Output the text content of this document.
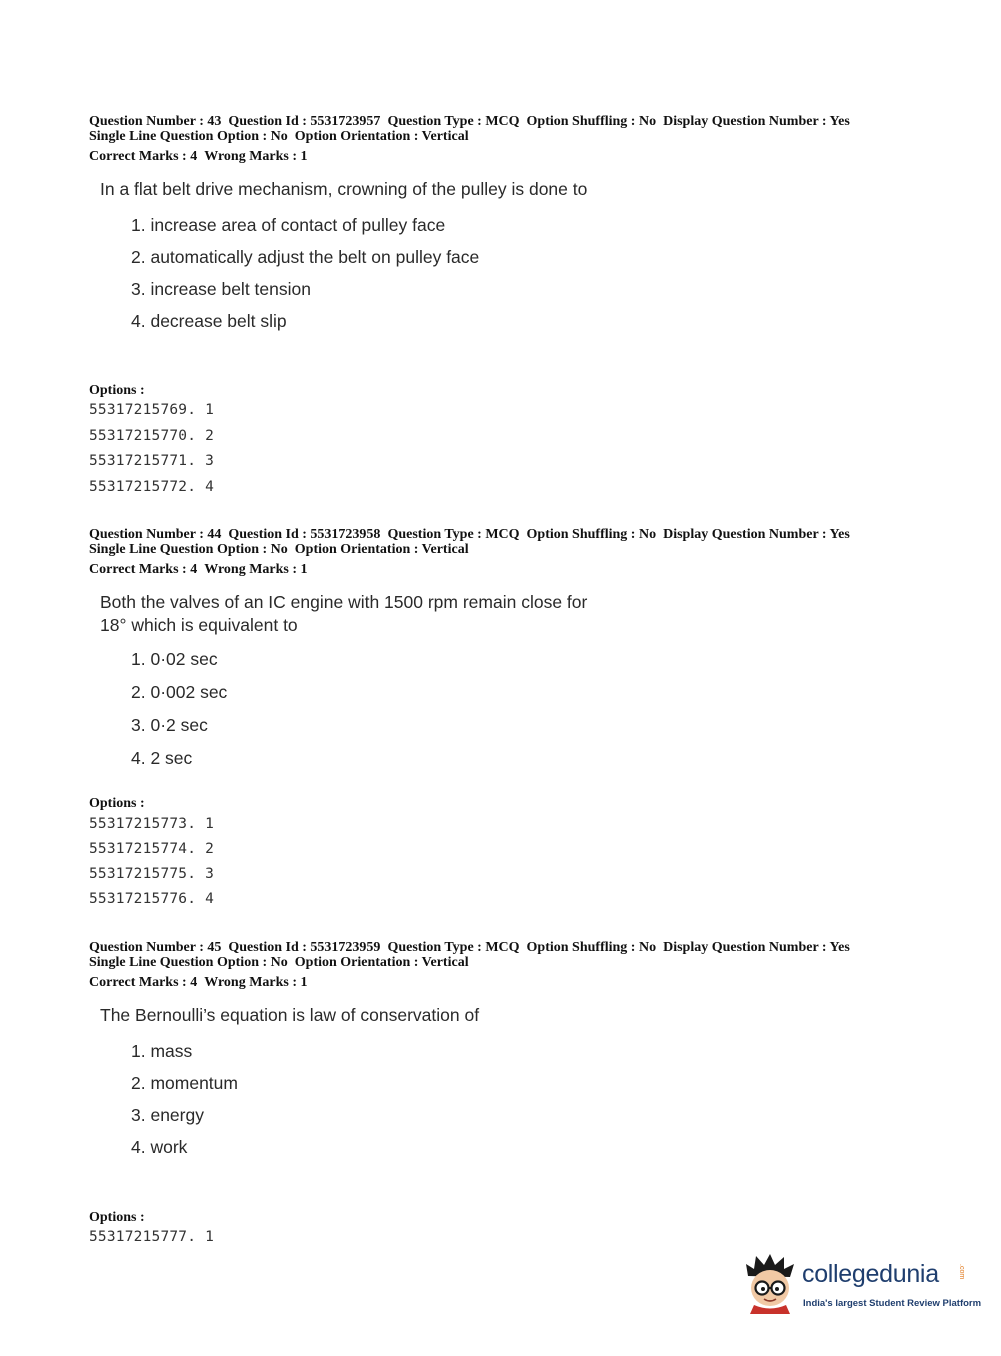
Question Number : 43 Question Id : 5531723957 Question Type : MCQ Option Shuffling : No Display Question Number : Yes
Single Line Question Option : No Option Orientation : Vertical
Correct Marks : 4 Wrong Marks : 1
In a flat belt drive mechanism, crowning of the pulley is done to
1. increase area of contact of pulley face
2. automatically adjust the belt on pulley face
3. increase belt tension
4. decrease belt slip
Options :
55317215769. 1
55317215770. 2
55317215771. 3
55317215772. 4
Question Number : 44 Question Id : 5531723958 Question Type : MCQ Option Shuffling : No Display Question Number : Yes
Single Line Question Option : No Option Orientation : Vertical
Correct Marks : 4 Wrong Marks : 1
Both the valves of an IC engine with 1500 rpm remain close for
18° which is equivalent to
1. 0·02 sec
2. 0·002 sec
3. 0·2 sec
4. 2 sec
Options :
55317215773. 1
55317215774. 2
55317215775. 3
55317215776. 4
Question Number : 45 Question Id : 5531723959 Question Type : MCQ Option Shuffling : No Display Question Number : Yes
Single Line Question Option : No Option Orientation : Vertical
Correct Marks : 4 Wrong Marks : 1
The Bernoulli’s equation is law of conservation of
1. mass
2. momentum
3. energy
4. work
Options :
55317215777. 1
collegedunia	.com
India's largest Student Review Platform
